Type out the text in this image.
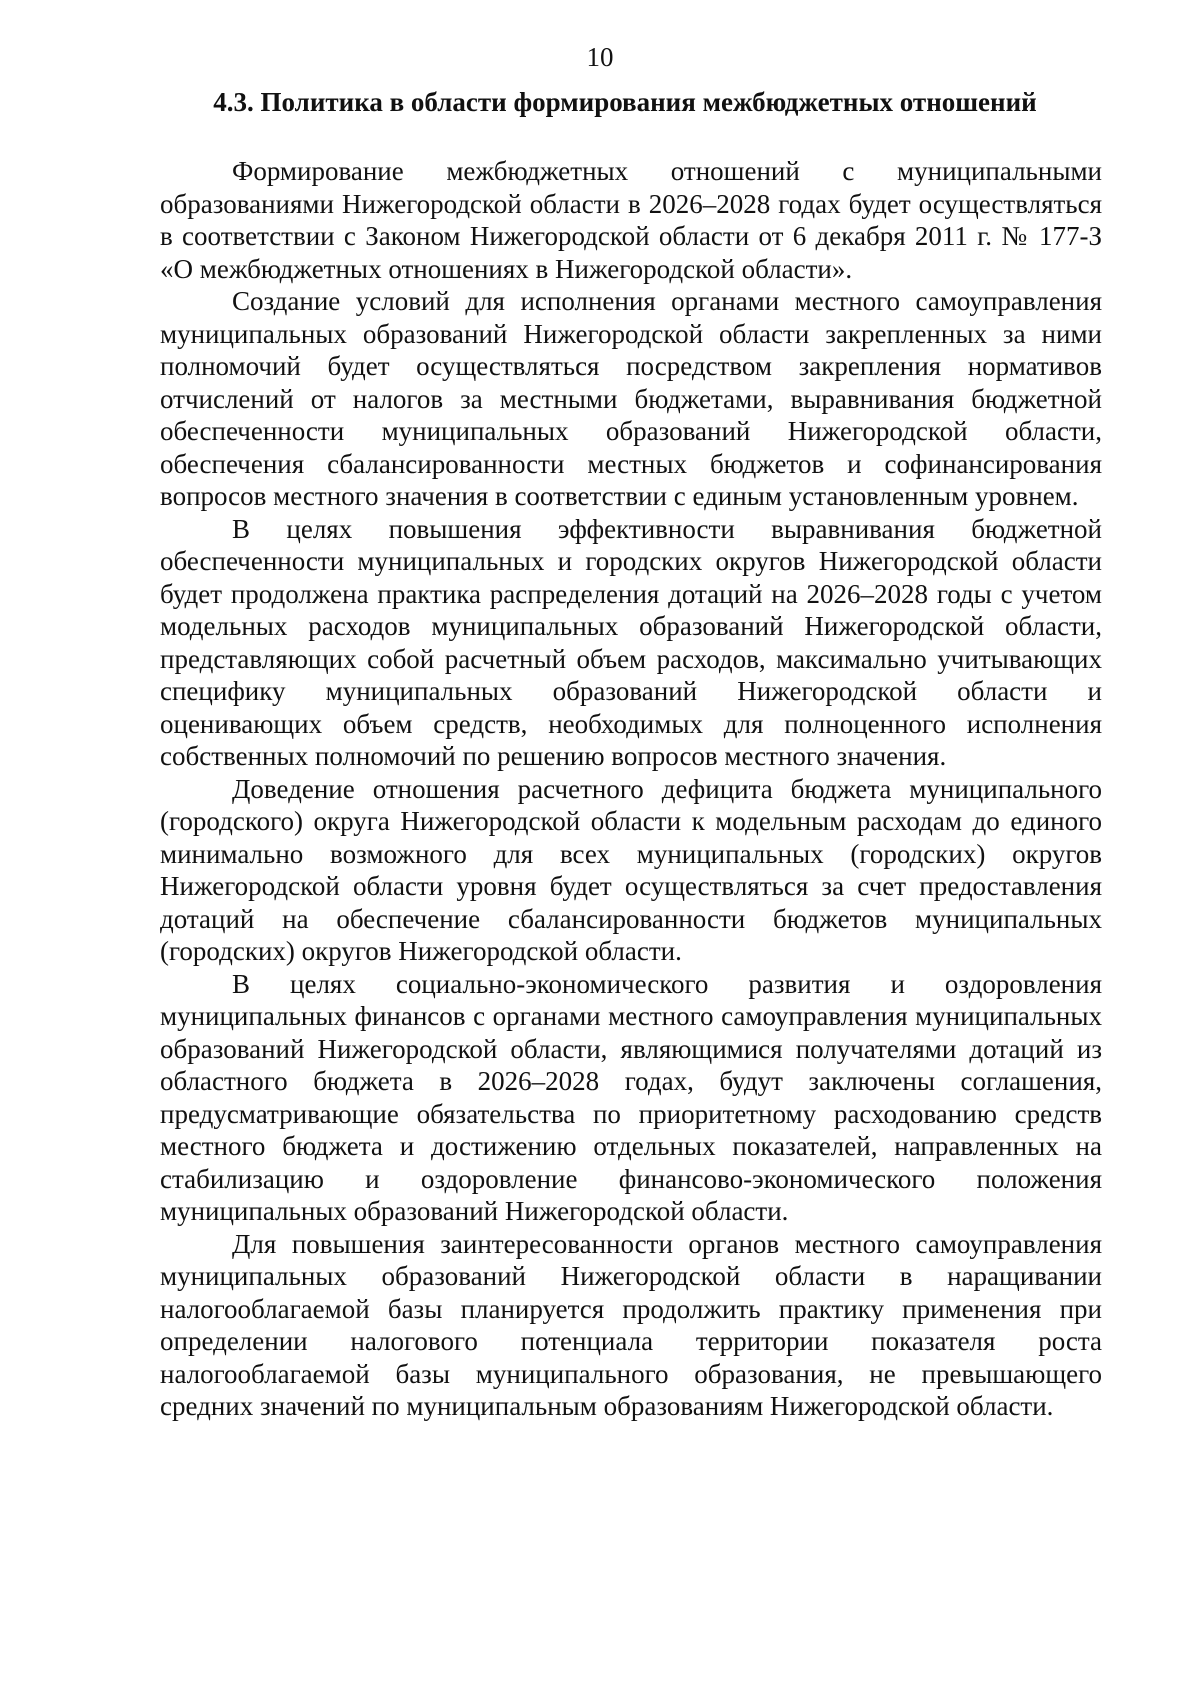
10
4.3. Политика в области формирования межбюджетных отношений

Формирование межбюджетных отношений с муниципальными образованиями Нижегородской области в 2026–2028 годах будет осуществляться в соответствии с Законом Нижегородской области от 6 декабря 2011 г. № 177-З «О межбюджетных отношениях в Нижегородской области».

Создание условий для исполнения органами местного самоуправления муниципальных образований Нижегородской области закрепленных за ними полномочий будет осуществляться посредством закрепления нормативов отчислений от налогов за местными бюджетами, выравнивания бюджетной обеспеченности муниципальных образований Нижегородской области, обеспечения сбалансированности местных бюджетов и софинансирования вопросов местного значения в соответствии с единым установленным уровнем.

В целях повышения эффективности выравнивания бюджетной обеспеченности муниципальных и городских округов Нижегородской области будет продолжена практика распределения дотаций на 2026–2028 годы с учетом модельных расходов муниципальных образований Нижегородской области, представляющих собой расчетный объем расходов, максимально учитывающих специфику муниципальных образований Нижегородской области и оценивающих объем средств, необходимых для полноценного исполнения собственных полномочий по решению вопросов местного значения.

Доведение отношения расчетного дефицита бюджета муниципального (городского) округа Нижегородской области к модельным расходам до единого минимально возможного для всех муниципальных (городских) округов Нижегородской области уровня будет осуществляться за счет предоставления дотаций на обеспечение сбалансированности бюджетов муниципальных (городских) округов Нижегородской области.

В целях социально-экономического развития и оздоровления муниципальных финансов с органами местного самоуправления муниципальных образований Нижегородской области, являющимися получателями дотаций из областного бюджета в 2026–2028 годах, будут заключены соглашения, предусматривающие обязательства по приоритетному расходованию средств местного бюджета и достижению отдельных показателей, направленных на стабилизацию и оздоровление финансово-экономического положения муниципальных образований Нижегородской области.

Для повышения заинтересованности органов местного самоуправления муниципальных образований Нижегородской области в наращивании налогооблагаемой базы планируется продолжить практику применения при определении налогового потенциала территории показателя роста налогооблагаемой базы муниципального образования, не превышающего средних значений по муниципальным образованиям Нижегородской области.
